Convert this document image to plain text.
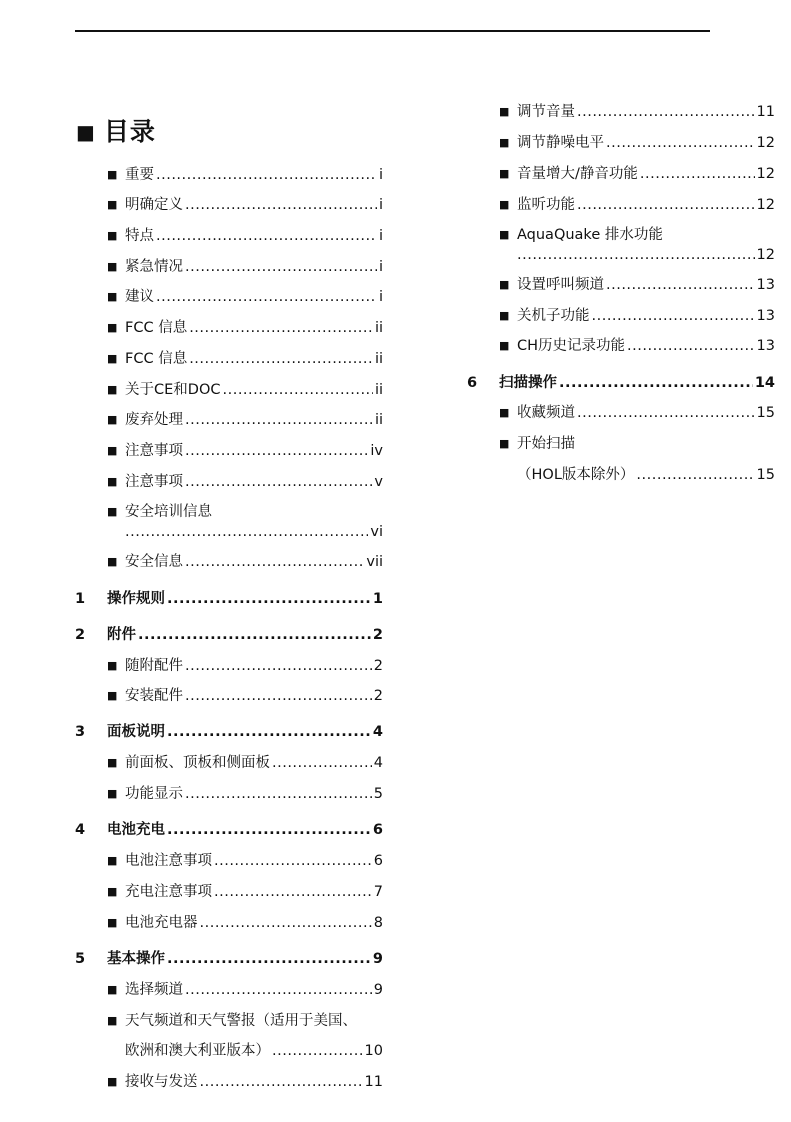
■ 目录
■ 重要 .....	i
■ 明确定义 .....	i
■ 特点 .....	i
■ 紧急情况 .....	i
■ 建议 .....	i
■ FCC 信息 .....	ii
■ FCC 信息 .....	ii
■ 关于CE和DOC .....	ii
■ 废弃处理 .....	ii
■ 注意事项 .....	iv
■ 注意事项 .....	v
■ 安全培训信息
.....
vi
■ 安全信息 .....	vii
1	操作规则 .....	1
2	附件 .....	2
■ 随附配件 .....	2
■ 安装配件 .....	2
3	面板说明 .....	4
■ 前面板、顶板和侧面板 .....	4
■ 功能显示 .....	5
4	电池充电 .....	6
■ 电池注意事项 .....	6
■ 充电注意事项 .....	7
■ 电池充电器 .....	8
5	基本操作 .....	9
■ 选择频道 .....	9
■ 天气频道和天气警报（适用于美国、
欧洲和澳大利亚版本） .....	10
■ 接收与发送 .....	11
■ 调节音量 .....	11
■ 调节静噪电平 .....	12
■ 音量增大/静音功能 .....	12
■ 监听功能 .....	12
■ AquaQuake 排水功能
.....
12
■ 设置呼叫频道 .....	13
■ 关机子功能 .....	13
■ CH历史记录功能 .....	13
6	扫描操作 .....	14
■ 收藏频道 .....	15
■ 开始扫描
（HOL版本除外） .....	15
